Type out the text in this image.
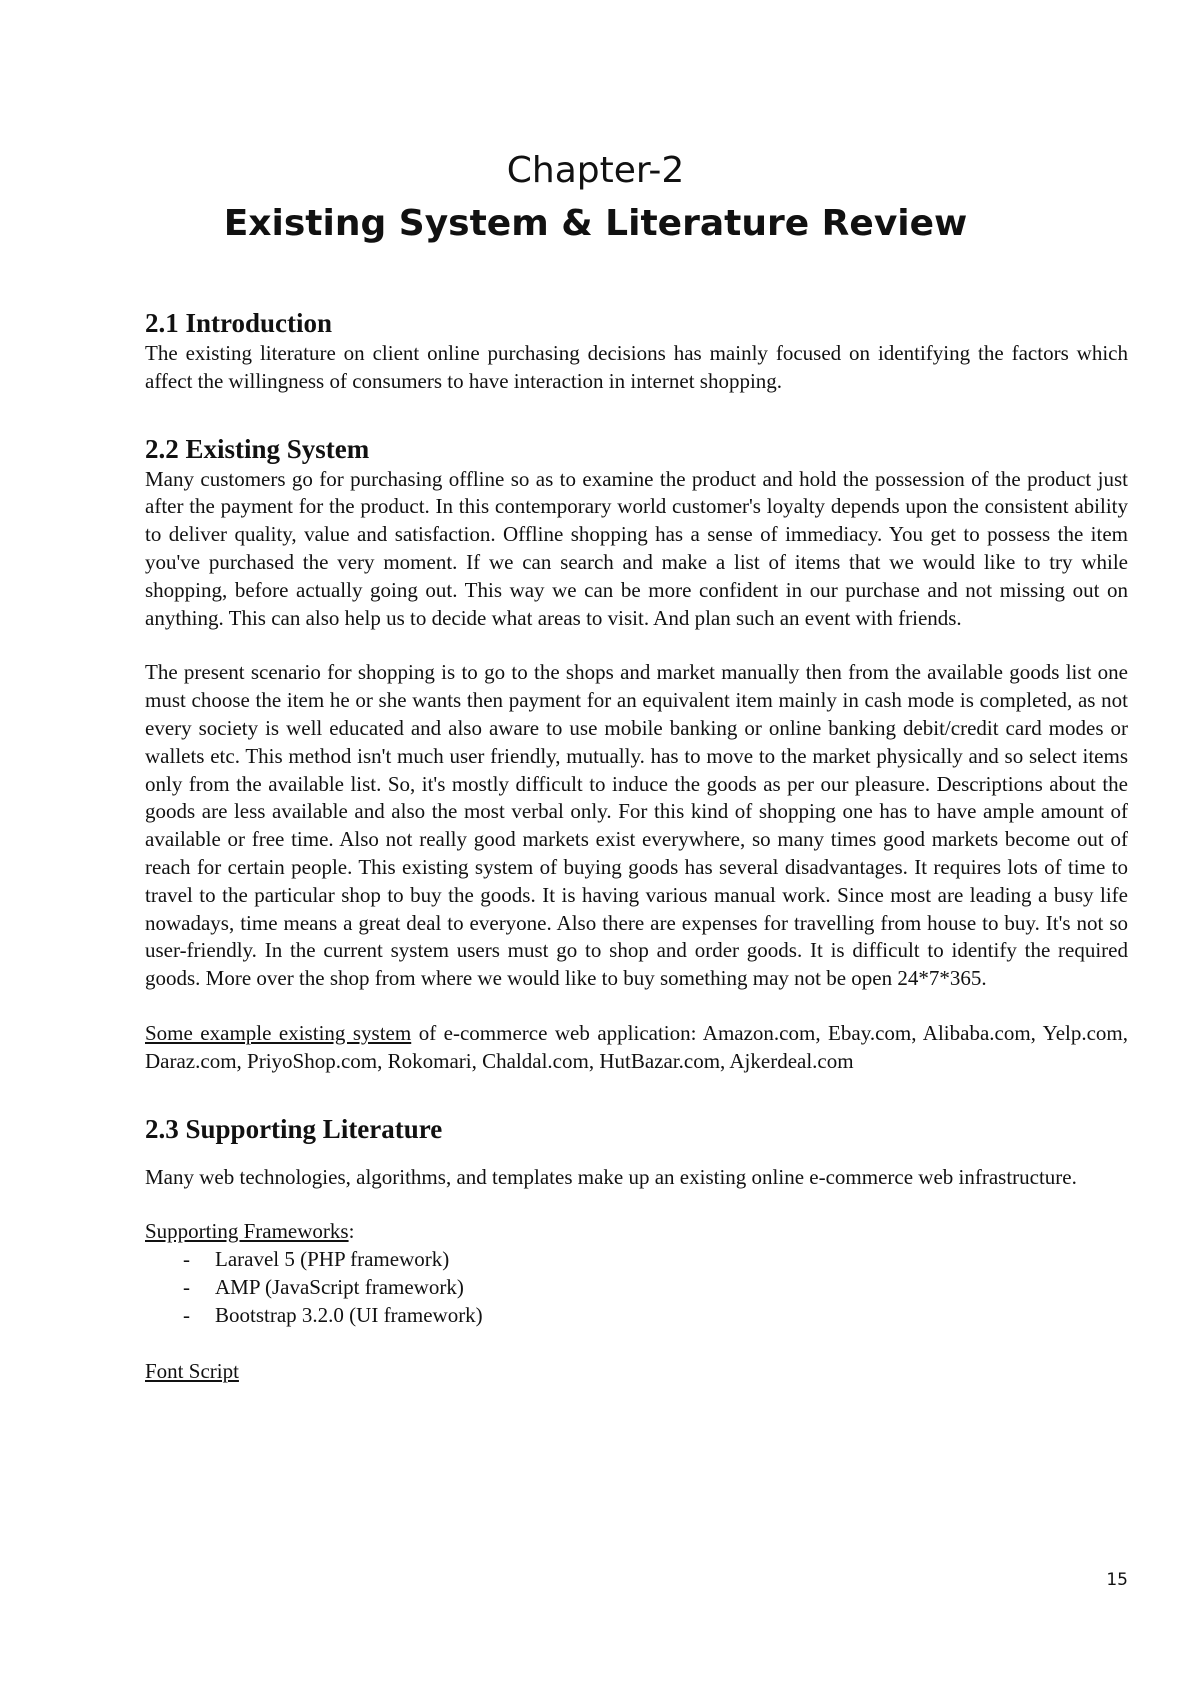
Chapter-2
Existing System & Literature Review
2.1 Introduction

The existing literature on client online purchasing decisions has mainly focused on identifying the factors which affect the willingness of consumers to have interaction in internet shopping.

2.2 Existing System

Many customers go for purchasing offline so as to examine the product and hold the possession of the product just after the payment for the product. In this contemporary world customer's loyalty depends upon the consistent ability to deliver quality, value and satisfaction. Offline shopping has a sense of immediacy. You get to possess the item you've purchased the very moment. If we can search and make a list of items that we would like to try while shopping, before actually going out. This way we can be more confident in our purchase and not missing out on anything. This can also help us to decide what areas to visit. And plan such an event with friends.

The present scenario for shopping is to go to the shops and market manually then from the available goods list one must choose the item he or she wants then payment for an equivalent item mainly in cash mode is completed, as not every society is well educated and also aware to use mobile banking or online banking debit/credit card modes or wallets etc. This method isn't much user friendly, mutually. has to move to the market physically and so select items only from the available list. So, it's mostly difficult to induce the goods as per our pleasure. Descriptions about the goods are less available and also the most verbal only. For this kind of shopping one has to have ample amount of available or free time. Also not really good markets exist everywhere, so many times good markets become out of reach for certain people. This existing system of buying goods has several disadvantages. It requires lots of time to travel to the particular shop to buy the goods. It is having various manual work. Since most are leading a busy life nowadays, time means a great deal to everyone. Also there are expenses for travelling from house to buy. It's not so user-friendly. In the current system users must go to shop and order goods. It is difficult to identify the required goods. More over the shop from where we would like to buy something may not be open 24*7*365.

Some example existing system of e-commerce web application: Amazon.com, Ebay.com, Alibaba.com, Yelp.com, Daraz.com, PriyoShop.com, Rokomari, Chaldal.com, HutBazar.com, Ajkerdeal.com

2.3 Supporting Literature

Many web technologies, algorithms, and templates make up an existing online e-commerce web infrastructure.

Supporting Frameworks:

- Laravel 5 (PHP framework)
- AMP (JavaScript framework)
- Bootstrap 3.2.0 (UI framework)

Font Script

15
